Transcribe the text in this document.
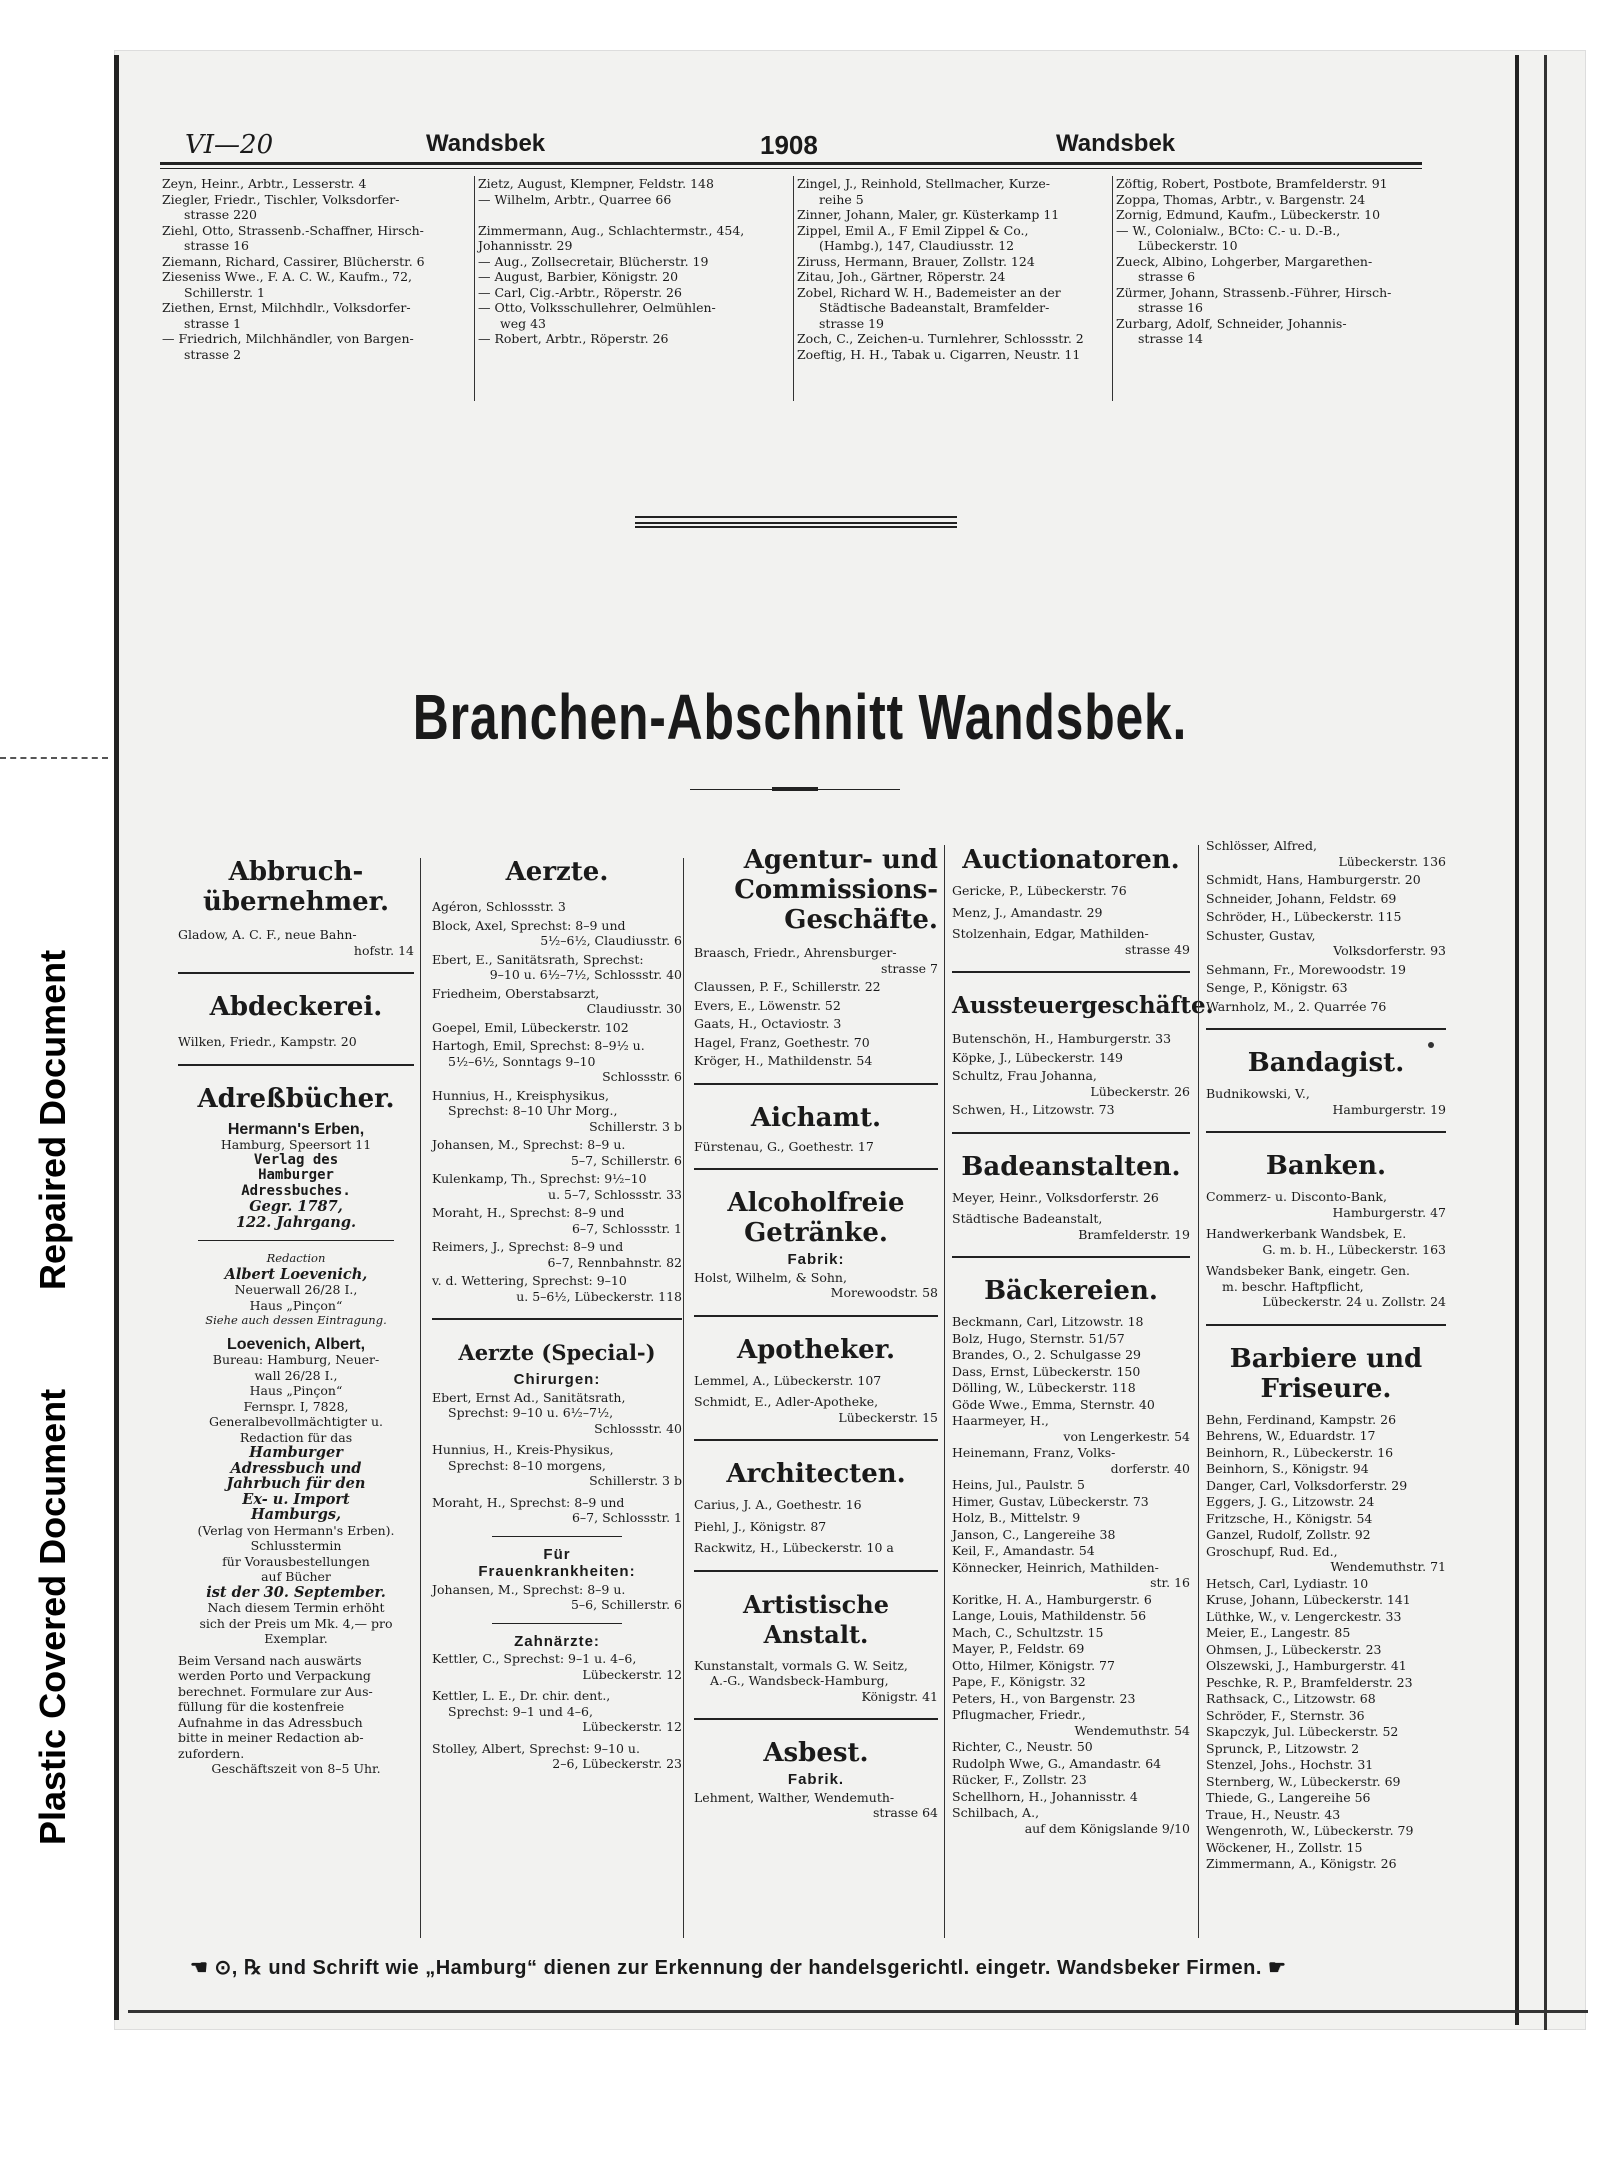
Repaired Document
Plastic Covered Document
VI—20	Wandsbek	1908	Wandsbek
Zeyn, Heinr., Arbtr., Lesserstr. 4
Ziegler, Friedr., Tischler, Volksdorfer-
strasse 220
Ziehl, Otto, Strassenb.-Schaffner, Hirsch-
strasse 16
Ziemann, Richard, Cassirer, Blücherstr. 6
Zieseniss Wwe., F. A. C. W., Kaufm., 72,
Schillerstr. 1
Ziethen, Ernst, Milchhdlr., Volksdorfer-
strasse 1
— Friedrich, Milchhändler, von Bargen-
strasse 2
Zietz, August, Klempner, Feldstr. 148
— Wilhelm, Arbtr., Quarree 66

Zimmermann, Aug., Schlachtermstr., 454, Johannisstr. 29
— Aug., Zollsecretair, Blücherstr. 19
— August, Barbier, Königstr. 20
— Carl, Cig.-Arbtr., Röperstr. 26
— Otto, Volksschullehrer, Oelmühlen-
weg 43
— Robert, Arbtr., Röperstr. 26
Zingel, J., Reinhold, Stellmacher, Kurze-
reihe 5
Zinner, Johann, Maler, gr. Küsterkamp 11
Zippel, Emil A., F Emil Zippel & Co.,
(Hambg.), 147, Claudiusstr. 12
Ziruss, Hermann, Brauer, Zollstr. 124
Zitau, Joh., Gärtner, Röperstr. 24
Zobel, Richard W. H., Bademeister an der
Städtische Badeanstalt, Bramfelder-
strasse 19
Zoch, C., Zeichen-u. Turnlehrer, Schlossstr. 2
Zoeftig, H. H., Tabak u. Cigarren, Neustr. 11
Zöftig, Robert, Postbote, Bramfelderstr. 91
Zoppa, Thomas, Arbtr., v. Bargenstr. 24
Zornig, Edmund, Kaufm., Lübeckerstr. 10
— W., Colonialw., BCto: C.- u. D.-B.,
Lübeckerstr. 10
Zueck, Albino, Lohgerber, Margarethen-
strasse 6
Zürmer, Johann, Strassenb.-Führer, Hirsch-
strasse 16
Zurbarg, Adolf, Schneider, Johannis-
strasse 14
Branchen-Abschnitt Wandsbek.
Abbruch-
übernehmer.
Gladow, A. C. F., neue Bahn-
hofstr. 14
Abdeckerei.
Wilken, Friedr., Kampstr. 20
Adreßbücher.
Hermann's Erben,
Hamburg, Speersort 11
Verlag des
Hamburger
Adressbuches.
Gegr. 1787,
122. Jahrgang.
Redaction
Albert Loevenich,
Neuerwall 26/28 I.,
Haus „Pinçon“
Siehe auch dessen Eintragung.
Loevenich, Albert,
Bureau: Hamburg, Neuer-
wall 26/28 I.,
Haus „Pinçon“
Fernspr. I, 7828,
Generalbevollmächtigter u.
Redaction für das
Hamburger
Adressbuch und
Jahrbuch für den
Ex- u. Import
Hamburgs,
(Verlag von Hermann's Erben).
Schlusstermin
für Vorausbestellungen
auf Bücher
ist der 30. September.
Nach diesem Termin erhöht
sich der Preis um Mk. 4,— pro
Exemplar.
Beim Versand nach auswärts
werden Porto und Verpackung
berechnet. Formulare zur Aus-
füllung für die kostenfreie
Aufnahme in das Adressbuch
bitte in meiner Redaction ab-
zufordern.
Geschäftszeit von 8–5 Uhr.
Aerzte.
Agéron, Schlossstr. 3
Block, Axel, Sprechst: 8–9 und
5½–6½, Claudiusstr. 6
Ebert, E., Sanitätsrath, Sprechst:
9–10 u. 6½–7½, Schlossstr. 40
Friedheim, Oberstabsarzt,
Claudiusstr. 30
Goepel, Emil, Lübeckerstr. 102
Hartogh, Emil, Sprechst: 8–9½ u.
5½–6½, Sonntags 9–10
Schlossstr. 6
Hunnius, H., Kreisphysikus,
Sprechst: 8–10 Uhr Morg.,
Schillerstr. 3 b
Johansen, M., Sprechst: 8–9 u.
5–7, Schillerstr. 6
Kulenkamp, Th., Sprechst: 9½–10
u. 5–7, Schlossstr. 33
Moraht, H., Sprechst: 8–9 und
6–7, Schlossstr. 1
Reimers, J., Sprechst: 8–9 und
6–7, Rennbahnstr. 82
v. d. Wettering, Sprechst: 9–10
u. 5–6½, Lübeckerstr. 118
Aerzte (Special-)
Chirurgen:
Ebert, Ernst Ad., Sanitätsrath,
Sprechst: 9–10 u. 6½–7½,
Schlossstr. 40
Hunnius, H., Kreis-Physikus,
Sprechst: 8–10 morgens,
Schillerstr. 3 b
Moraht, H., Sprechst: 8–9 und
6–7, Schlossstr. 1
Für
Frauenkrankheiten:
Johansen, M., Sprechst: 8–9 u.
5–6, Schillerstr. 6
Zahnärzte:
Kettler, C., Sprechst: 9–1 u. 4–6,
Lübeckerstr. 12
Kettler, L. E., Dr. chir. dent.,
Sprechst: 9–1 und 4–6,
Lübeckerstr. 12
Stolley, Albert, Sprechst: 9–10 u.
2–6, Lübeckerstr. 23
Agentur- und
Commissions-
Geschäfte.
Braasch, Friedr., Ahrensburger-
strasse 7
Claussen, P. F., Schillerstr. 22
Evers, E., Löwenstr. 52
Gaats, H., Octaviostr. 3
Hagel, Franz, Goethestr. 70
Kröger, H., Mathildenstr. 54
Aichamt.
Fürstenau, G., Goethestr. 17
Alcoholfreie
Getränke.
Fabrik:
Holst, Wilhelm, & Sohn,
Morewoodstr. 58
Apotheker.
Lemmel, A., Lübeckerstr. 107
Schmidt, E., Adler-Apotheke,
Lübeckerstr. 15
Architecten.
Carius, J. A., Goethestr. 16
Piehl, J., Königstr. 87
Rackwitz, H., Lübeckerstr. 10 a
Artistische Anstalt.
Kunstanstalt, vormals G. W. Seitz,
A.-G., Wandsbeck-Hamburg,
Königstr. 41
Asbest.
Fabrik.
Lehment, Walther, Wendemuth-
strasse 64
Auctionatoren.
Gericke, P., Lübeckerstr. 76
Menz, J., Amandastr. 29
Stolzenhain, Edgar, Mathilden-
strasse 49
Aussteuergeschäfte.
Butenschön, H., Hamburgerstr. 33
Köpke, J., Lübeckerstr. 149
Schultz, Frau Johanna,
Lübeckerstr. 26
Schwen, H., Litzowstr. 73
Badeanstalten.
Meyer, Heinr., Volksdorferstr. 26
Städtische Badeanstalt,
Bramfelderstr. 19
Bäckereien.
Beckmann, Carl, Litzowstr. 18
Bolz, Hugo, Sternstr. 51/57
Brandes, O., 2. Schulgasse 29
Dass, Ernst, Lübeckerstr. 150
Dölling, W., Lübeckerstr. 118
Göde Wwe., Emma, Sternstr. 40
Haarmeyer, H.,
von Lengerkestr. 54
Heinemann, Franz, Volks-
dorferstr. 40
Heins, Jul., Paulstr. 5
Himer, Gustav, Lübeckerstr. 73
Holz, B., Mittelstr. 9
Janson, C., Langereihe 38
Keil, F., Amandastr. 54
Könnecker, Heinrich, Mathilden-
str. 16
Koritke, H. A., Hamburgerstr. 6
Lange, Louis, Mathildenstr. 56
Mach, C., Schultzstr. 15
Mayer, P., Feldstr. 69
Otto, Hilmer, Königstr. 77
Pape, F., Königstr. 32
Peters, H., von Bargenstr. 23
Pflugmacher, Friedr.,
Wendemuthstr. 54
Richter, C., Neustr. 50
Rudolph Wwe, G., Amandastr. 64
Rücker, F., Zollstr. 23
Schellhorn, H., Johannisstr. 4
Schilbach, A.,
auf dem Königslande 9/10
Schlösser, Alfred,
Lübeckerstr. 136
Schmidt, Hans, Hamburgerstr. 20
Schneider, Johann, Feldstr. 69
Schröder, H., Lübeckerstr. 115
Schuster, Gustav,
Volksdorferstr. 93
Sehmann, Fr., Morewoodstr. 19
Senge, P., Königstr. 63
Warnholz, M., 2. Quarrée 76
Bandagist.
Budnikowski, V.,
Hamburgerstr. 19
Banken.
Commerz- u. Disconto-Bank,
Hamburgerstr. 47
Handwerkerbank Wandsbek, E.
G. m. b. H., Lübeckerstr. 163
Wandsbeker Bank, eingetr. Gen.
m. beschr. Haftpflicht,
Lübeckerstr. 24 u. Zollstr. 24
Barbiere und
Friseure.
Behn, Ferdinand, Kampstr. 26
Behrens, W., Eduardstr. 17
Beinhorn, R., Lübeckerstr. 16
Beinhorn, S., Königstr. 94
Danger, Carl, Volksdorferstr. 29
Eggers, J. G., Litzowstr. 24
Fritzsche, H., Königstr. 54
Ganzel, Rudolf, Zollstr. 92
Groschupf, Rud. Ed.,
Wendemuthstr. 71
Hetsch, Carl, Lydiastr. 10
Kruse, Johann, Lübeckerstr. 141
Lüthke, W., v. Lengerckestr. 33
Meier, E., Langestr. 85
Ohmsen, J., Lübeckerstr. 23
Olszewski, J., Hamburgerstr. 41
Peschke, R. P., Bramfelderstr. 23
Rathsack, C., Litzowstr. 68
Schröder, F., Sternstr. 36
Skapczyk, Jul. Lübeckerstr. 52
Sprunck, P., Litzowstr. 2
Stenzel, Johs., Hochstr. 31
Sternberg, W., Lübeckerstr. 69
Thiede, G., Langereihe 56
Traue, H., Neustr. 43
Wengenroth, W., Lübeckerstr. 79
Wöckener, H., Zollstr. 15
Zimmermann, A., Königstr. 26
☚ ⊙, ℞ und Schrift wie „Hamburg“ dienen zur Erkennung der handelsgerichtl. eingetr. Wandsbeker Firmen. ☛
